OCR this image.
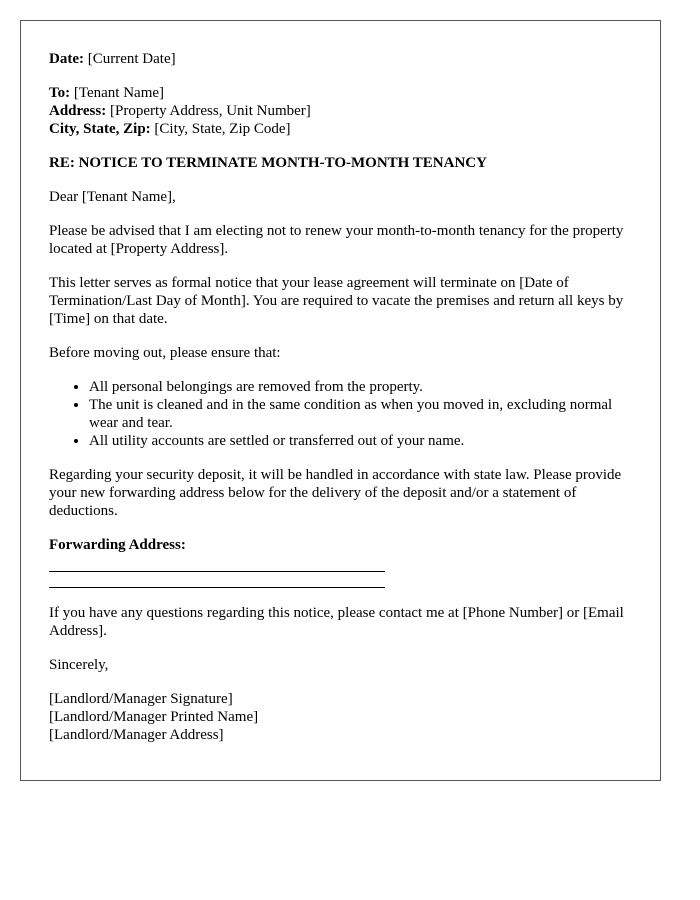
Date: [Current Date]
To: [Tenant Name]
Address: [Property Address, Unit Number]
City, State, Zip: [City, State, Zip Code]

RE: NOTICE TO TERMINATE MONTH-TO-MONTH TENANCY

Dear [Tenant Name],

Please be advised that I am electing not to renew your month-to-month tenancy for the property located at [Property Address].

This letter serves as formal notice that your lease agreement will terminate on [Date of Termination/Last Day of Month]. You are required to vacate the premises and return all keys by [Time] on that date.

Before moving out, please ensure that:

• All personal belongings are removed from the property.
• The unit is cleaned and in the same condition as when you moved in, excluding normal wear and tear.
• All utility accounts are settled or transferred out of your name.

Regarding your security deposit, it will be handled in accordance with state law. Please provide your new forwarding address below for the delivery of the deposit and/or a statement of deductions.

Forwarding Address:

If you have any questions regarding this notice, please contact me at [Phone Number] or [Email Address].

Sincerely,

[Landlord/Manager Signature]
[Landlord/Manager Printed Name]
[Landlord/Manager Address]
